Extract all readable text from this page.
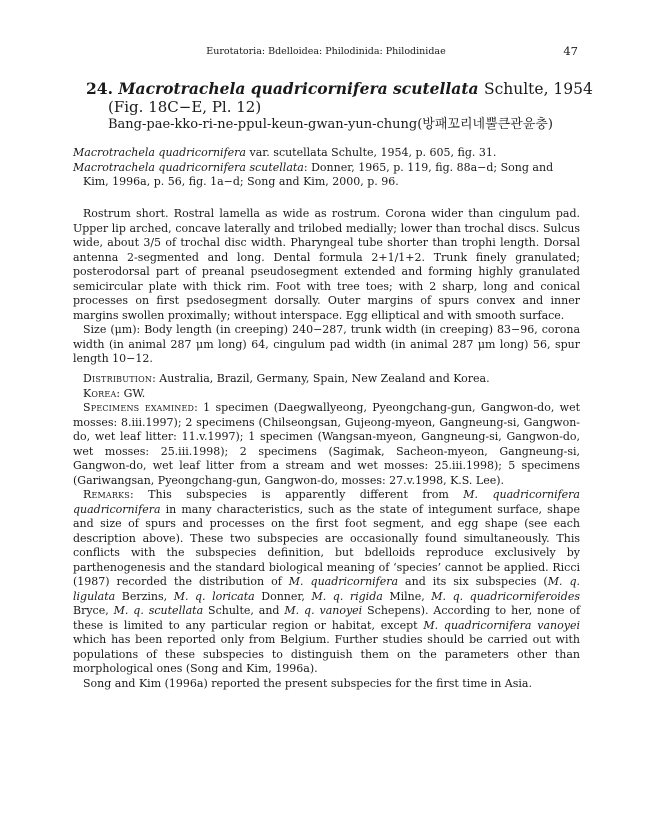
Eurotatoria: Bdelloidea: Philodinida: Philodinidae	47
24. Macrotrachela quadricornifera scutellata Schulte, 1954
(Fig. 18C−E, Pl. 12)
Bang-pae-kko-ri-ne-ppul-keun-gwan-yun-chung(방패꼬리네뿔큰관윤충)

Macrotrachela quadricornifera var. scutellata Schulte, 1954, p. 605, fig. 31.

Macrotrachela quadricornifera scutellata: Donner, 1965, p. 119, fig. 88a−d; Song and Kim, 1996a, p. 56, fig. 1a−d; Song and Kim, 2000, p. 96.

Rostrum short. Rostral lamella as wide as rostrum. Corona wider than cingulum pad. Upper lip arched, concave laterally and trilobed medially; lower than trochal discs. Sulcus wide, about 3/5 of trochal disc width. Pharyngeal tube shorter than trophi length. Dorsal antenna 2-segmented and long. Dental formula 2+1/1+2. Trunk finely granulated; posterodorsal part of preanal pseudosegment extended and forming highly granulated semicircular plate with thick rim. Foot with tree toes; with 2 sharp, long and conical processes on first psedosegment dorsally. Outer margins of spurs convex and inner margins swollen proximally; without interspace. Egg elliptical and with smooth surface.

Size (μm): Body length (in creeping) 240−287, trunk width (in creeping) 83−96, corona width (in animal 287 μm long) 64, cingulum pad width (in animal 287 μm long) 56, spur length 10−12.

Distribution: Australia, Brazil, Germany, Spain, New Zealand and Korea.

Korea: GW.

Specimens examined: 1 specimen (Daegwallyeong, Pyeongchang-gun, Gangwon-do, wet mosses: 8.iii.1997); 2 specimens (Chilseongsan, Gujeong-myeon, Gangneung-si, Gangwon-do, wet leaf litter: 11.v.1997); 1 specimen (Wangsan-myeon, Gangneung-si, Gangwon-do, wet mosses: 25.iii.1998); 2 specimens (Sagimak, Sacheon-myeon, Gangneung-si, Gangwon-do, wet leaf litter from a stream and wet mosses: 25.iii.1998); 5 specimens (Gariwangsan, Pyeongchang-gun, Gangwon-do, mosses: 27.v.1998, K.S. Lee).

Remarks: This subspecies is apparently different from M. quadricornifera quadricornifera in many characteristics, such as the state of integument surface, shape and size of spurs and processes on the first foot segment, and egg shape (see each description above). These two subspecies are occasionally found simultaneously. This conflicts with the subspecies definition, but bdelloids reproduce exclusively by parthenogenesis and the standard biological meaning of ‘species’ cannot be applied. Ricci (1987) recorded the distribution of M. quadricornifera and its six subspecies (M. q. ligulata Berzins, M. q. loricata Donner, M. q. rigida Milne, M. q. quadricorniferoides Bryce, M. q. scutellata Schulte, and M. q. vanoyei Schepens). According to her, none of these is limited to any particular region or habitat, except M. quadricornifera vanoyei which has been reported only from Belgium. Further studies should be carried out with populations of these subspecies to distinguish them on the parameters other than morphological ones (Song and Kim, 1996a).

Song and Kim (1996a) reported the present subspecies for the first time in Asia.
